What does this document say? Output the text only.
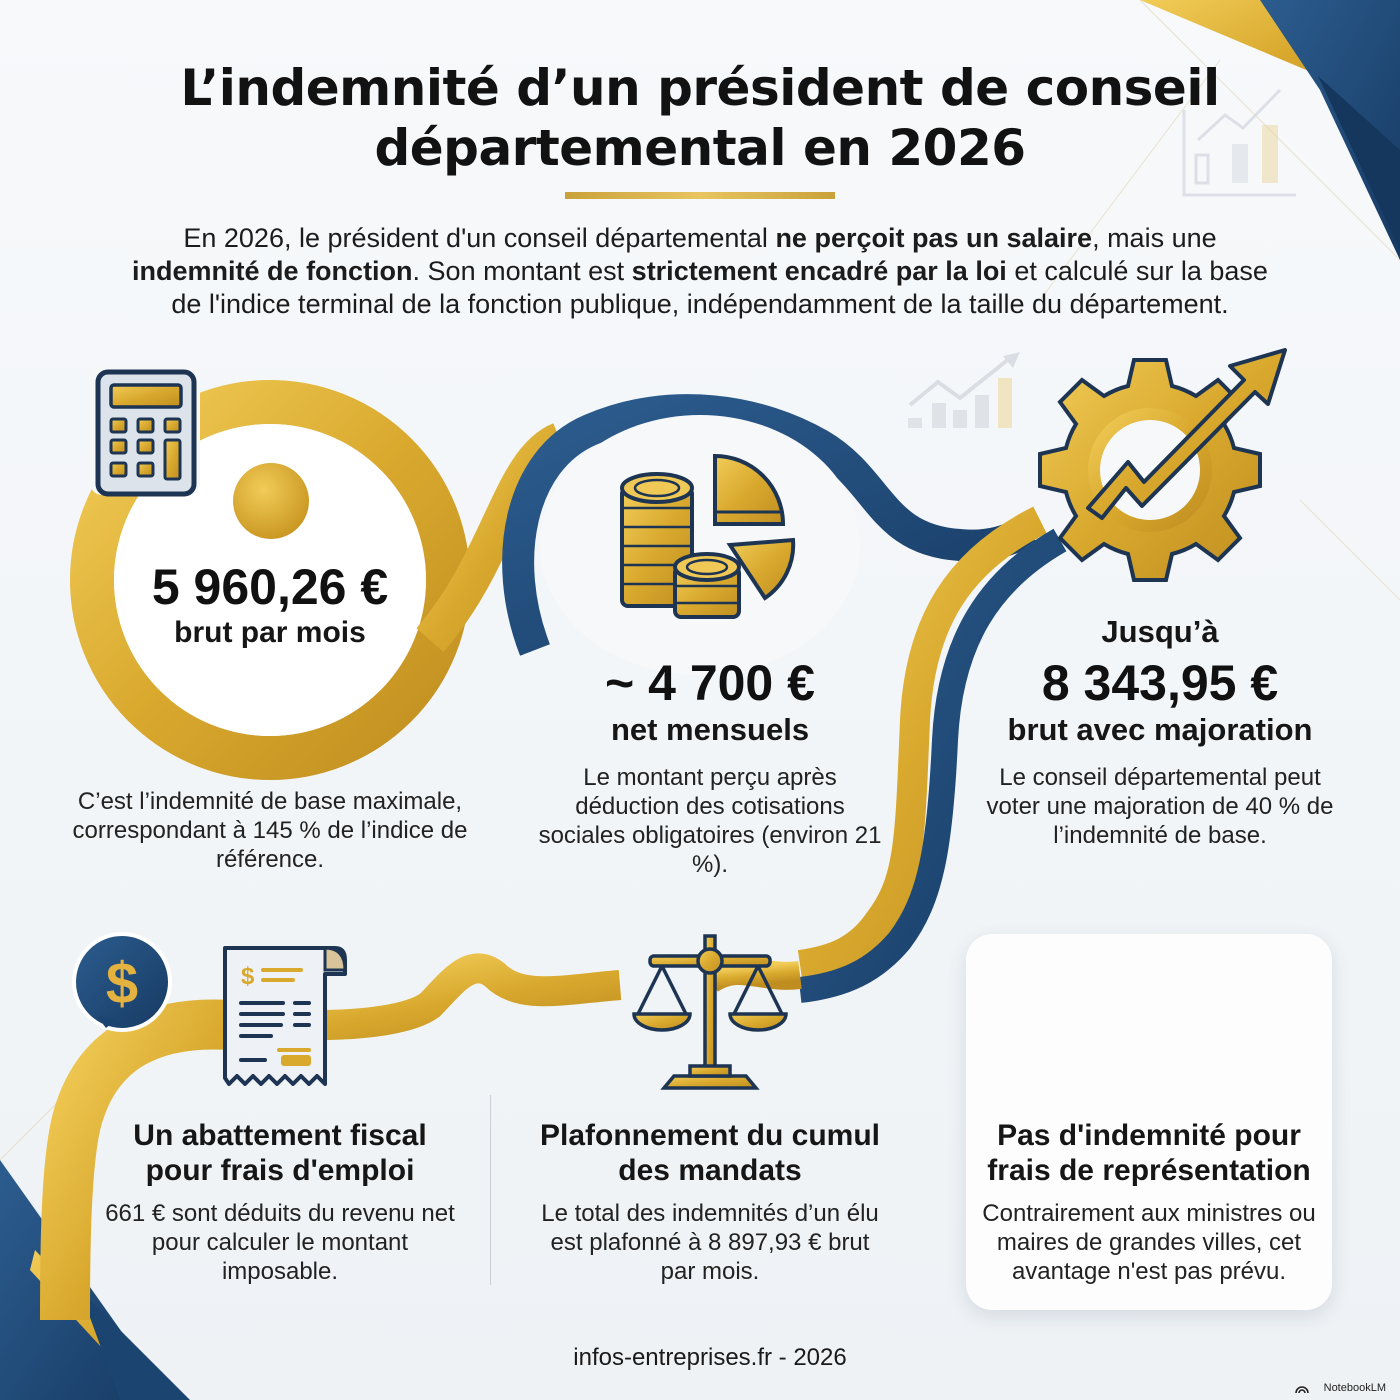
$	$
L’indemnité d’un président de conseil
départemental en 2026

En 2026, le président d'un conseil départemental ne perçoit pas un salaire, mais une indemnité de fonction. Son montant est strictement encadré par la loi et calculé sur la base de l'indice terminal de la fonction publique, indépendamment de la taille du département.

5 960,26 €
brut par mois

C’est l’indemnité de base maximale, correspondant à 145 % de l’indice de référence.

~ 4 700 €
net mensuels

Le montant perçu après déduction des cotisations sociales obligatoires (environ 21 %).

Jusqu’à
8 343,95 €
brut avec majoration

Le conseil départemental peut voter une majoration de 40 % de l’indemnité de base.

Un abattement fiscal pour frais d'emploi

661 € sont déduits du revenu net pour calculer le montant imposable.

Plafonnement du cumul des mandats

Le total des indemnités d’un élu est plafonné à 8 897,93 € brut par mois.

Pas d'indemnité pour frais de représentation

Contrairement aux ministres ou maires de grandes villes, cet avantage n'est pas prévu.

infos-entreprises.fr - 2026
NotebookLM
